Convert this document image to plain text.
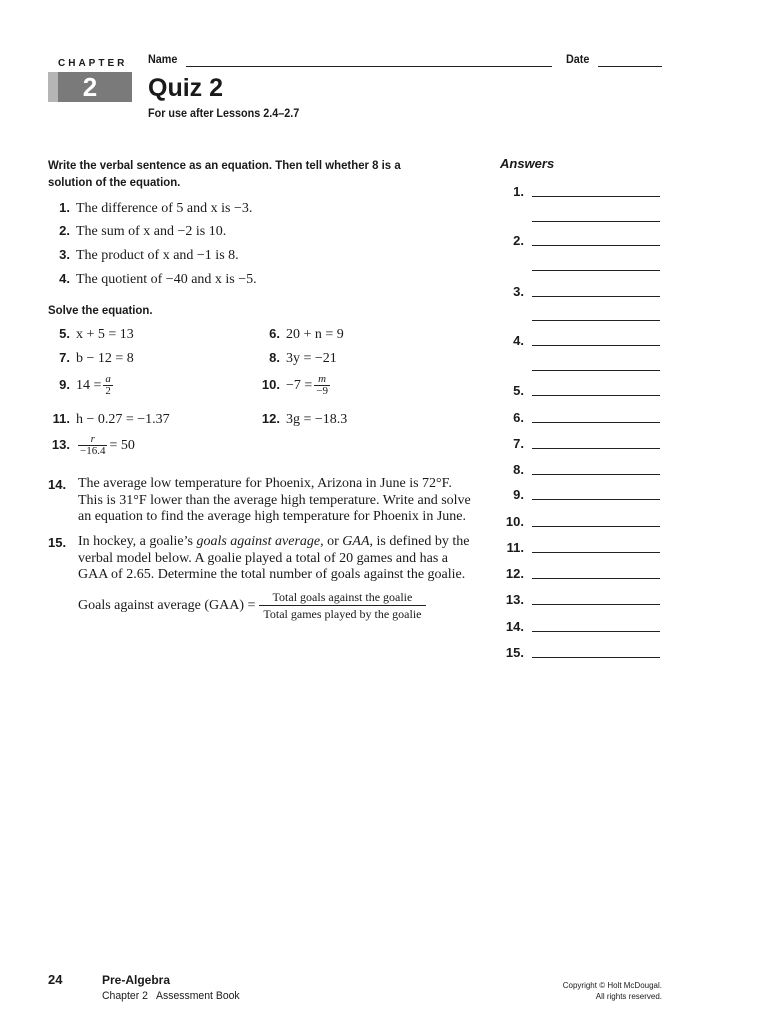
CHAPTER
2
Name	Date
Quiz 2
For use after Lessons 2.4–2.7
Write the verbal sentence as an equation. Then tell whether 8 is a
solution of the equation.
1. The difference of 5 and x is −3.
2. The sum of x and −2 is 10.
3. The product of x and −1 is 8.
4. The quotient of −40 and x is −5.
Solve the equation.
5. x + 5 = 13	6. 20 + n = 9
7. b − 12 = 8	8. 3y = −21
9. $14 = \frac{a}{2}$	10. $-7 = \frac{m}{-9}$
11. h − 0.27 = −1.37	12. 3g = −18.3
13. $\frac{r}{-16.4} = 50$
14. The average low temperature for Phoenix, Arizona in June is 72°F.
This is 31°F lower than the average high temperature. Write and solve
an equation to find the average high temperature for Phoenix in June.
15. In hockey, a goalie’s goals against average, or GAA, is defined by the
verbal model below. A goalie played a total of 20 games and has a
GAA of 2.65. Determine the total number of goals against the goalie.
Goals against average (GAA) =
Total goals against the goalie
Total games played by the goalie
Answers
1.
2.
3.
4.
5.
6.
7.
8.
9.
10.
11.
12.
13.
14.
15.
24	Pre-Algebra
Chapter 2   Assessment Book
Copyright © Holt McDougal.
All rights reserved.
